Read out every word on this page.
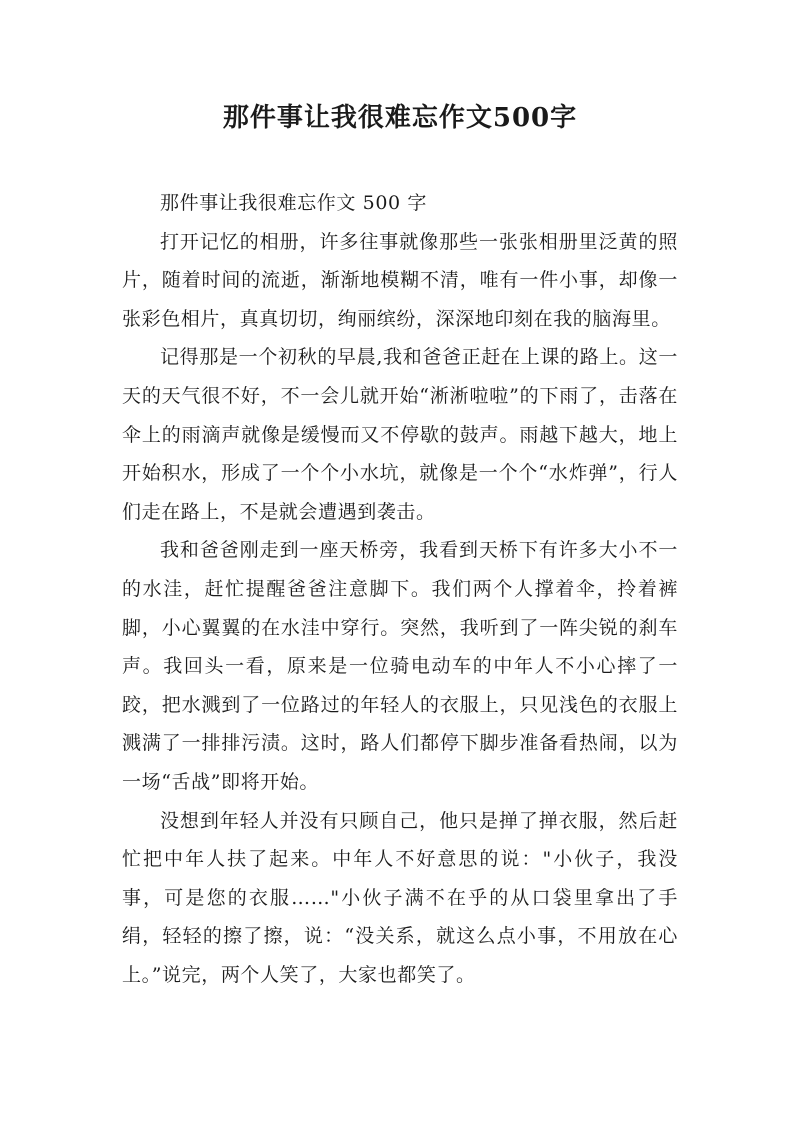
那件事让我很难忘作文500字

那件事让我很难忘作文 500 字

打开记忆的相册，许多往事就像那些一张张相册里泛黄的照片，随着时间的流逝，渐渐地模糊不清，唯有一件小事，却像一张彩色相片，真真切切，绚丽缤纷，深深地印刻在我的脑海里。

记得那是一个初秋的早晨,我和爸爸正赶在上课的路上。这一天的天气很不好，不一会儿就开始“淅淅啦啦”的下雨了，击落在伞上的雨滴声就像是缓慢而又不停歇的鼓声。雨越下越大，地上开始积水，形成了一个个小水坑，就像是一个个“水炸弹”，行人们走在路上，不是就会遭遇到袭击。

我和爸爸刚走到一座天桥旁，我看到天桥下有许多大小不一的水洼，赶忙提醒爸爸注意脚下。我们两个人撑着伞，拎着裤脚，小心翼翼的在水洼中穿行。突然，我听到了一阵尖锐的刹车声。我回头一看，原来是一位骑电动车的中年人不小心摔了一跤，把水溅到了一位路过的年轻人的衣服上，只见浅色的衣服上溅满了一排排污渍。这时，路人们都停下脚步准备看热闹，以为一场“舌战”即将开始。

没想到年轻人并没有只顾自己，他只是掸了掸衣服，然后赶忙把中年人扶了起来。中年人不好意思的说："小伙子，我没事，可是您的衣服……"小伙子满不在乎的从口袋里拿出了手绢，轻轻的擦了擦，说：“没关系，就这么点小事，不用放在心上。”说完，两个人笑了，大家也都笑了。
